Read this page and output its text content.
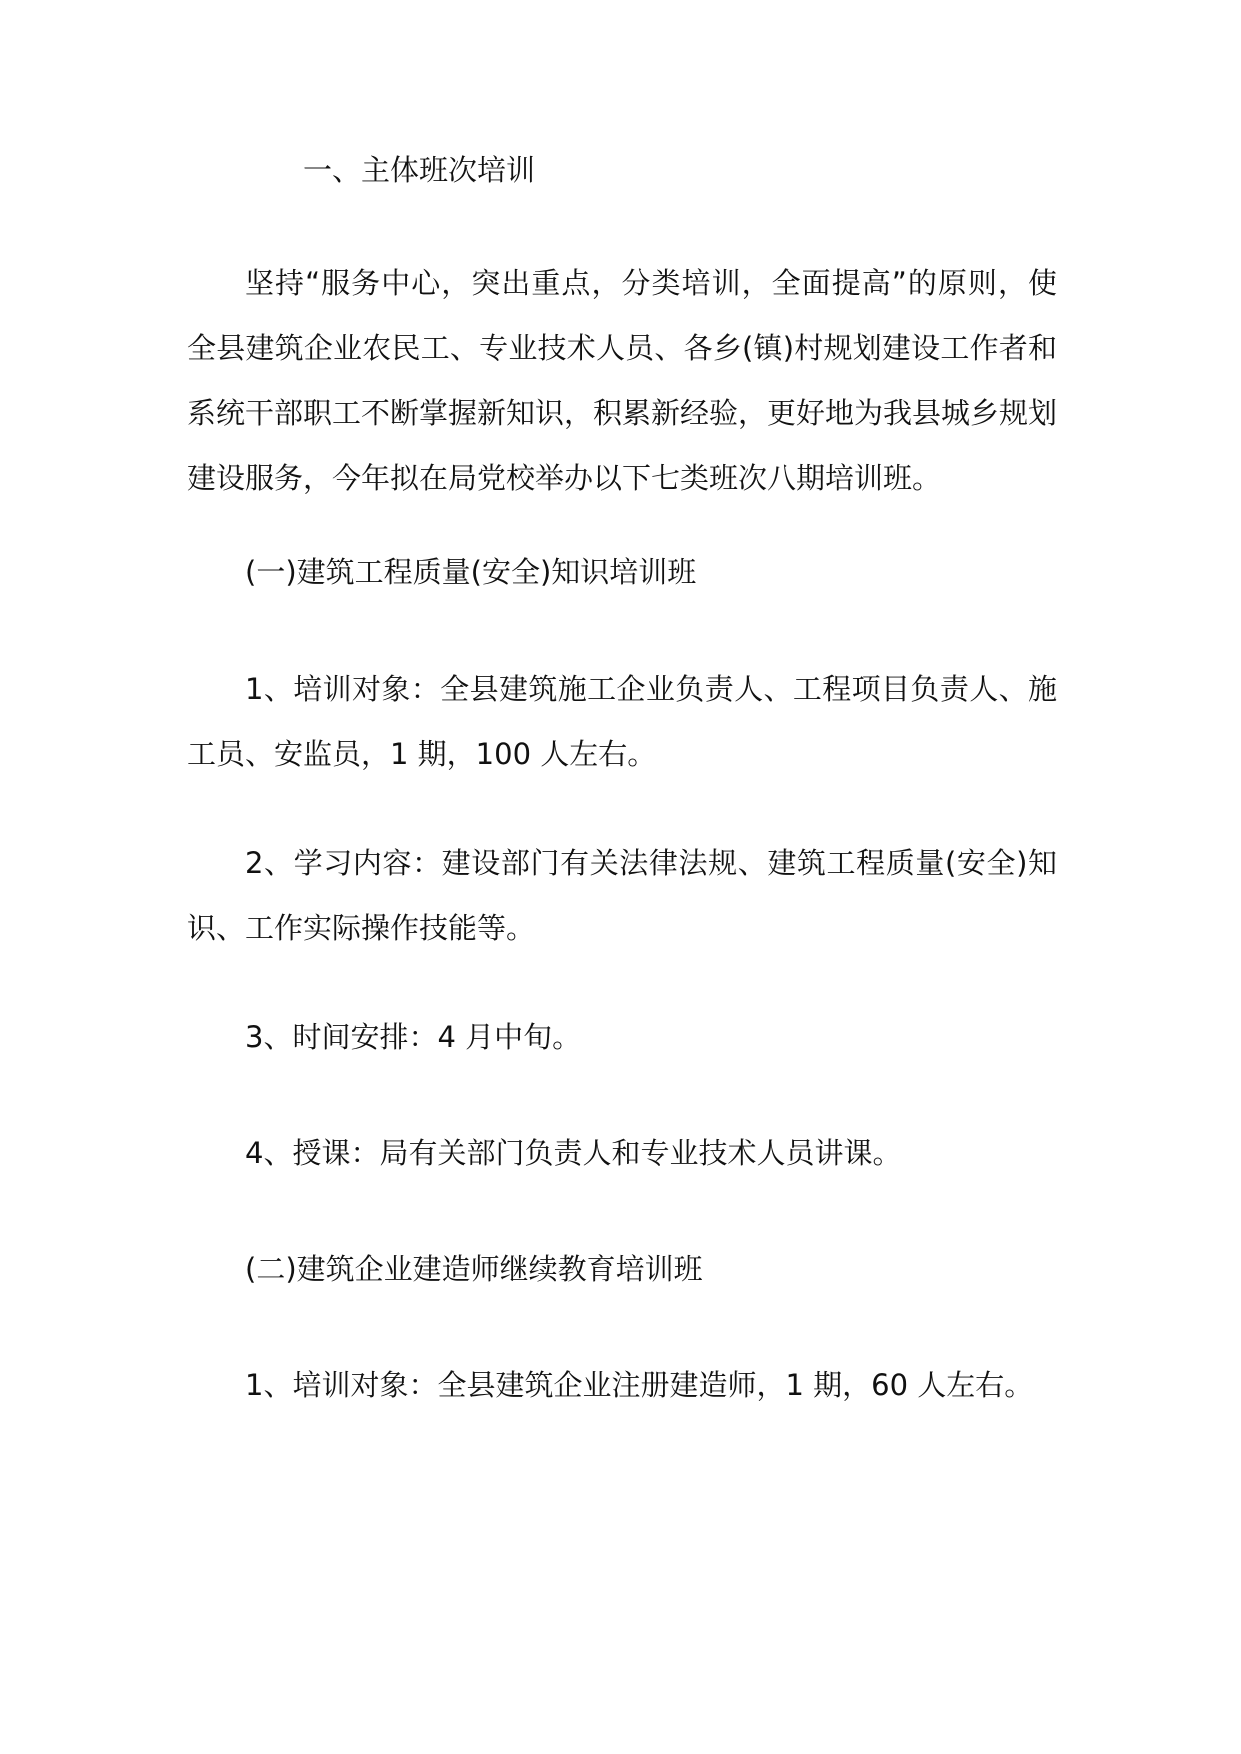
一、主体班次培训

坚持“服务中心，突出重点，分类培训，全面提高”的原则，使全县建筑企业农民工、专业技术人员、各乡(镇)村规划建设工作者和系统干部职工不断掌握新知识，积累新经验，更好地为我县城乡规划建设服务，今年拟在局党校举办以下七类班次八期培训班。

(一)建筑工程质量(安全)知识培训班

1、培训对象：全县建筑施工企业负责人、工程项目负责人、施工员、安监员，1 期，100 人左右。

2、学习内容：建设部门有关法律法规、建筑工程质量(安全)知识、工作实际操作技能等。

3、时间安排：4 月中旬。

4、授课：局有关部门负责人和专业技术人员讲课。

(二)建筑企业建造师继续教育培训班

1、培训对象：全县建筑企业注册建造师，1 期，60 人左右。
